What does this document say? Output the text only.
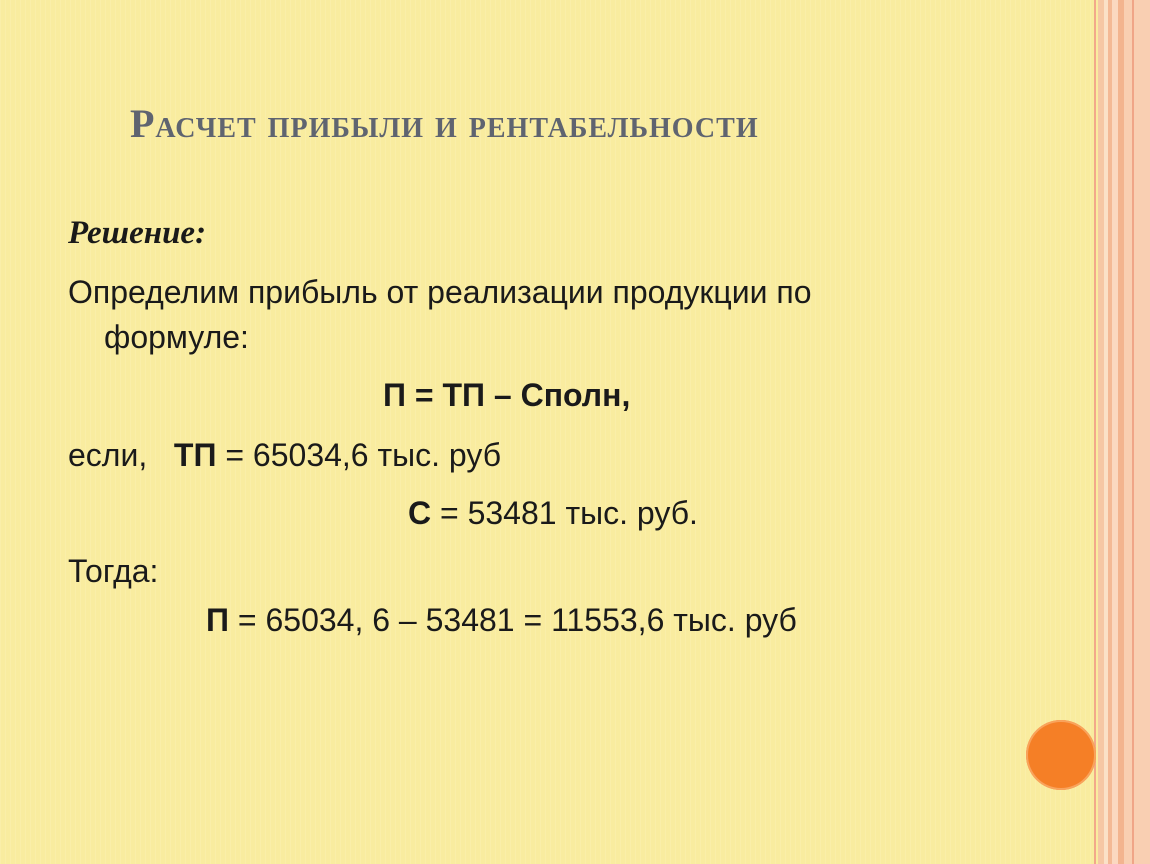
Расчет прибыли и рентабельности
Решение:
Определим прибыль от реализации продукции по
формуле:
П = ТП – Сполн,
если, ТП = 65034,6 тыс. руб
С = 53481 тыс. руб.
Тогда:
П = 65034, 6 – 53481 = 11553,6 тыс. руб
